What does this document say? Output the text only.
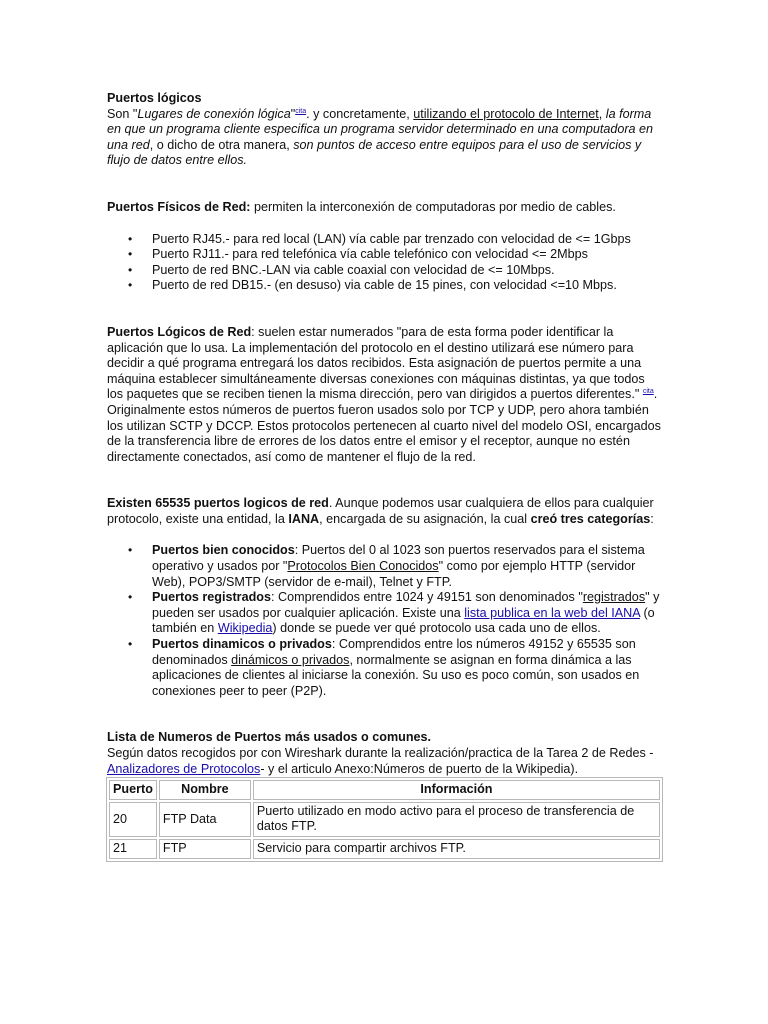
Puertos lógicos
Son "Lugares de conexión lógica"$^{cita}$. y concretamente, utilizando el protocolo de Internet, la forma en que un programa cliente especifica un programa servidor determinado en una computadora en una red, o dicho de otra manera, son puntos de acceso entre equipos para el uso de servicios y flujo de datos entre ellos.

Puertos Físicos de Red: permiten la interconexión de computadoras por medio de cables.

• Puerto RJ45.- para red local (LAN) vía cable par trenzado con velocidad de <= 1Gbps
• Puerto RJ11.- para red telefónica vía cable telefónico con velocidad <= 2Mbps
• Puerto de red BNC.-LAN via cable coaxial con velocidad de <= 10Mbps.
• Puerto de red DB15.- (en desuso) via cable de 15 pines, con velocidad <=10 Mbps.

Puertos Lógicos de Red: suelen estar numerados "para de esta forma poder identificar la aplicación que lo usa. La implementación del protocolo en el destino utilizará ese número para decidir a qué programa entregará los datos recibidos. Esta asignación de puertos permite a una máquina establecer simultáneamente diversas conexiones con máquinas distintas, ya que todos los paquetes que se reciben tienen la misma dirección, pero van dirigidos a puertos diferentes." $^{cita}$. Originalmente estos números de puertos fueron usados solo por TCP y UDP, pero ahora también los utilizan SCTP y DCCP. Estos protocolos pertenecen al cuarto nivel del modelo OSI, encargados de la transferencia libre de errores de los datos entre el emisor y el receptor, aunque no estén directamente conectados, así como de mantener el flujo de la red.

Existen 65535 puertos logicos de red. Aunque podemos usar cualquiera de ellos para cualquier protocolo, existe una entidad, la IANA, encargada de su asignación, la cual creó tres categorías:

• Puertos bien conocidos: Puertos del 0 al 1023 son puertos reservados para el sistema operativo y usados por "Protocolos Bien Conocidos" como por ejemplo HTTP (servidor Web), POP3/SMTP (servidor de e-mail), Telnet y FTP.
• Puertos registrados: Comprendidos entre 1024 y 49151 son denominados "registrados" y pueden ser usados por cualquier aplicación. Existe una lista publica en la web del IANA (o también en Wikipedia) donde se puede ver qué protocolo usa cada uno de ellos.
• Puertos dinamicos o privados: Comprendidos entre los números 49152 y 65535 son denominados dinámicos o privados, normalmente se asignan en forma dinámica a las aplicaciones de clientes al iniciarse la conexión. Su uso es poco común, son usados en conexiones peer to peer (P2P).

Lista de Numeros de Puertos más usados o comunes.
Según datos recogidos por con Wireshark durante la realización/practica de la Tarea 2 de Redes -Analizadores de Protocolos- y el articulo Anexo:Números de puerto de la Wikipedia).

Puerto	Nombre	Información
20	FTP Data	Puerto utilizado en modo activo para el proceso de transferencia de datos FTP.
21	FTP	Servicio para compartir archivos FTP.
